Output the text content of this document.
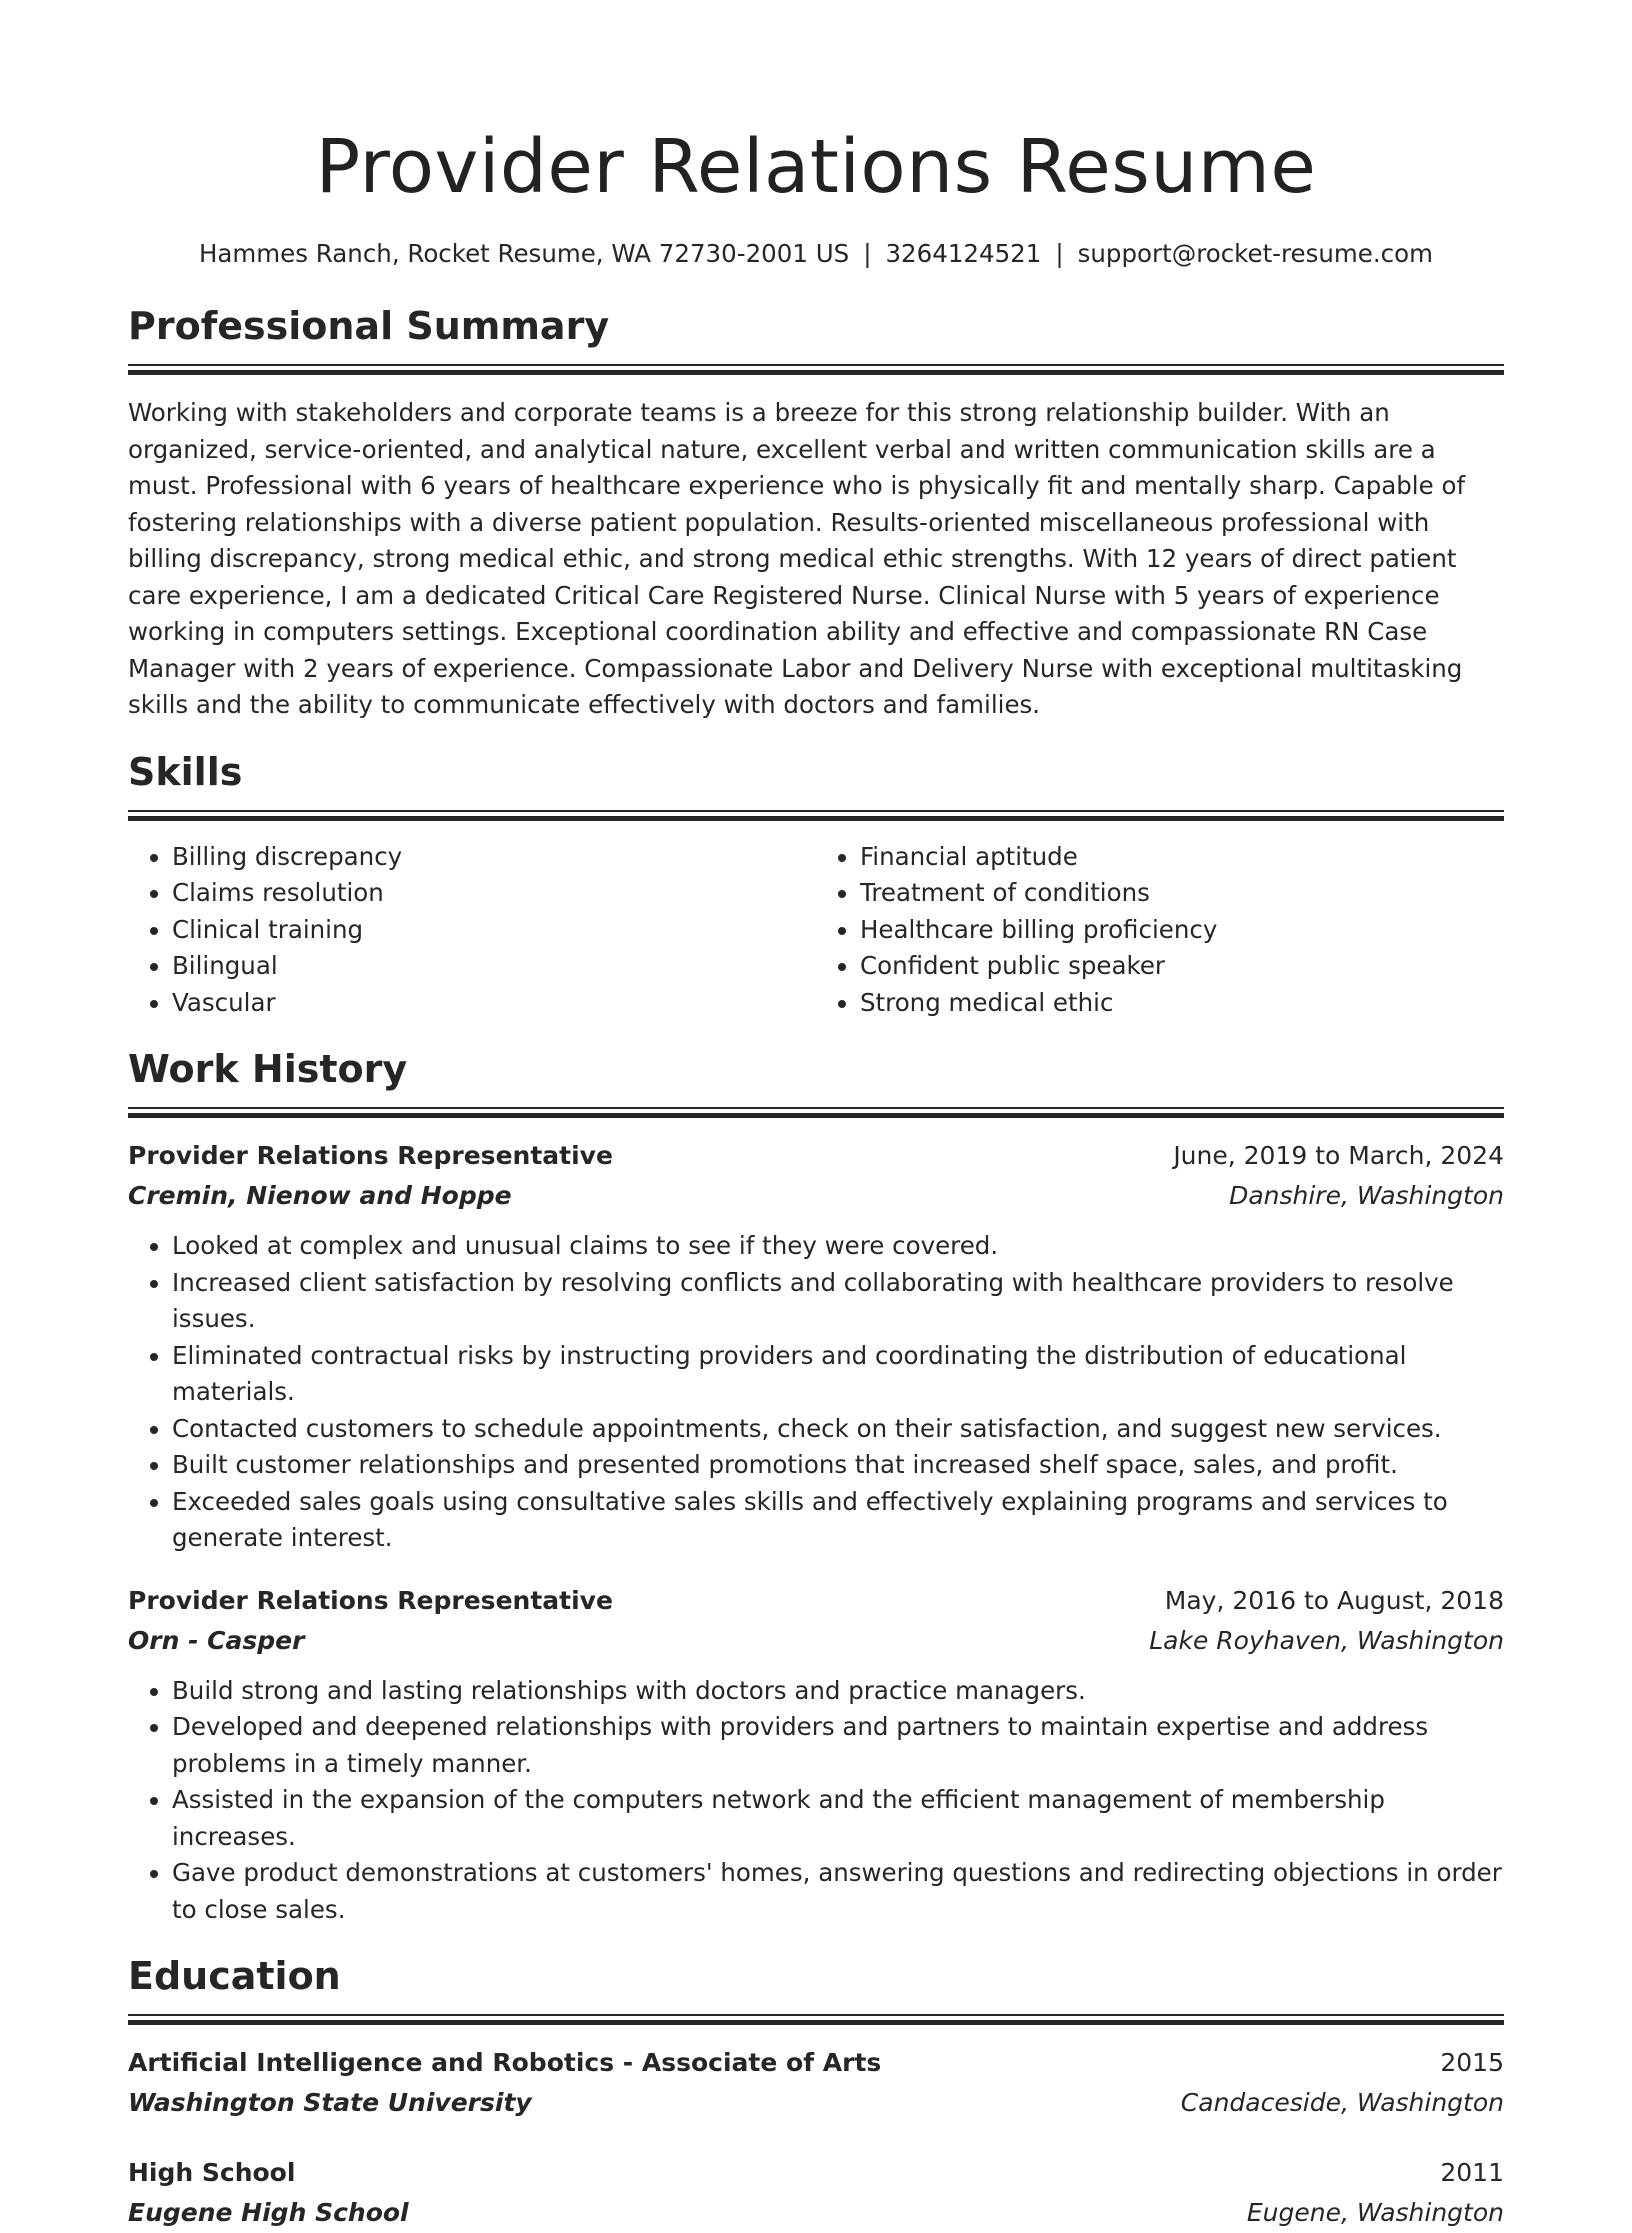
Provider Relations Resume
Hammes Ranch, Rocket Resume, WA 72730-2001 US | 3264124521 | support@rocket-resume.com
Professional Summary

Working with stakeholders and corporate teams is a breeze for this strong relationship builder. With an organized, service-oriented, and analytical nature, excellent verbal and written communication skills are a must. Professional with 6 years of healthcare experience who is physically fit and mentally sharp. Capable of fostering relationships with a diverse patient population. Results-oriented miscellaneous professional with billing discrepancy, strong medical ethic, and strong medical ethic strengths. With 12 years of direct patient care experience, I am a dedicated Critical Care Registered Nurse. Clinical Nurse with 5 years of experience working in computers settings. Exceptional coordination ability and effective and compassionate RN Case Manager with 2 years of experience. Compassionate Labor and Delivery Nurse with exceptional multitasking skills and the ability to communicate effectively with doctors and families.

Skills
• Billing discrepancy
• Claims resolution
• Clinical training
• Bilingual
• Vascular
• Financial aptitude
• Treatment of conditions
• Healthcare billing proficiency
• Confident public speaker
• Strong medical ethic
Work History
Provider Relations Representative	June, 2019 to March, 2024
Cremin, Nienow and Hoppe	Danshire, Washington
• Looked at complex and unusual claims to see if they were covered.
• Increased client satisfaction by resolving conflicts and collaborating with healthcare providers to resolve issues.
• Eliminated contractual risks by instructing providers and coordinating the distribution of educational materials.
• Contacted customers to schedule appointments, check on their satisfaction, and suggest new services.
• Built customer relationships and presented promotions that increased shelf space, sales, and profit.
• Exceeded sales goals using consultative sales skills and effectively explaining programs and services to generate interest.
Provider Relations Representative	May, 2016 to August, 2018
Orn - Casper	Lake Royhaven, Washington
• Build strong and lasting relationships with doctors and practice managers.
• Developed and deepened relationships with providers and partners to maintain expertise and address problems in a timely manner.
• Assisted in the expansion of the computers network and the efficient management of membership increases.
• Gave product demonstrations at customers' homes, answering questions and redirecting objections in order to close sales.
Education
Artificial Intelligence and Robotics - Associate of Arts	2015
Washington State University	Candaceside, Washington
High School	2011
Eugene High School	Eugene, Washington
